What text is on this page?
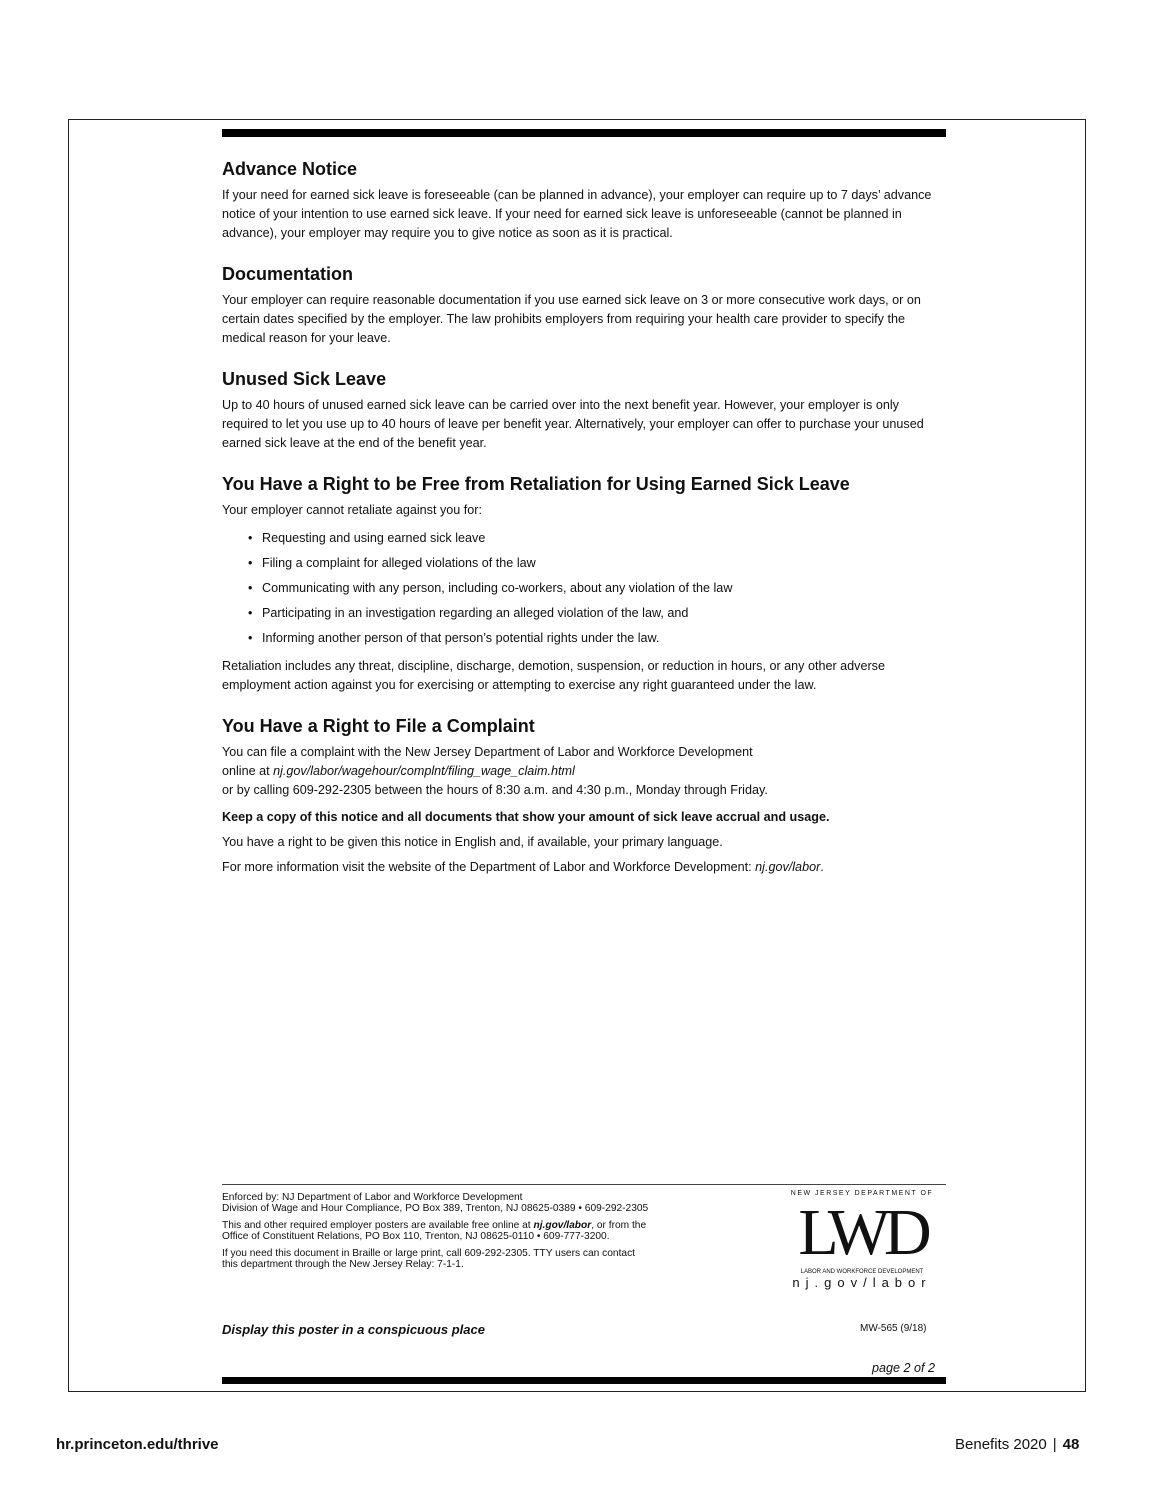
Advance Notice

If your need for earned sick leave is foreseeable (can be planned in advance), your employer can require up to 7 days’ advance notice of your intention to use earned sick leave. If your need for earned sick leave is unforeseeable (cannot be planned in advance), your employer may require you to give notice as soon as it is practical.

Documentation

Your employer can require reasonable documentation if you use earned sick leave on 3 or more consecutive work days, or on certain dates specified by the employer. The law prohibits employers from requiring your health care provider to specify the medical reason for your leave.

Unused Sick Leave

Up to 40 hours of unused earned sick leave can be carried over into the next benefit year. However, your employer is only required to let you use up to 40 hours of leave per benefit year. Alternatively, your employer can offer to purchase your unused earned sick leave at the end of the benefit year.

You Have a Right to be Free from Retaliation for Using Earned Sick Leave

Your employer cannot retaliate against you for:

• Requesting and using earned sick leave
• Filing a complaint for alleged violations of the law
• Communicating with any person, including co-workers, about any violation of the law
• Participating in an investigation regarding an alleged violation of the law, and
• Informing another person of that person’s potential rights under the law.

Retaliation includes any threat, discipline, discharge, demotion, suspension, or reduction in hours, or any other adverse employment action against you for exercising or attempting to exercise any right guaranteed under the law.

You Have a Right to File a Complaint

You can file a complaint with the New Jersey Department of Labor and Workforce Development
online at nj.gov/labor/wagehour/complnt/filing_wage_claim.html
or by calling 609-292-2305 between the hours of 8:30 a.m. and 4:30 p.m., Monday through Friday.

Keep a copy of this notice and all documents that show your amount of sick leave accrual and usage.

You have a right to be given this notice in English and, if available, your primary language.

For more information visit the website of the Department of Labor and Workforce Development: nj.gov/labor.

Enforced by: NJ Department of Labor and Workforce Development
Division of Wage and Hour Compliance, PO Box 389, Trenton, NJ 08625-0389 • 609-292-2305

This and other required employer posters are available free online at nj.gov/labor, or from the
Office of Constituent Relations, PO Box 110, Trenton, NJ 08625-0110 • 609-777-3200.

If you need this document in Braille or large print, call 609-292-2305. TTY users can contact
this department through the New Jersey Relay: 7-1-1.

NEW JERSEY DEPARTMENT OF
LWD
LABOR AND WORKFORCE DEVELOPMENT
nj.gov/labor
Display this poster in a conspicuous place	MW-565 (9/18)
page 2 of 2
hr.princeton.edu/thrive	Benefits 2020 | 48
